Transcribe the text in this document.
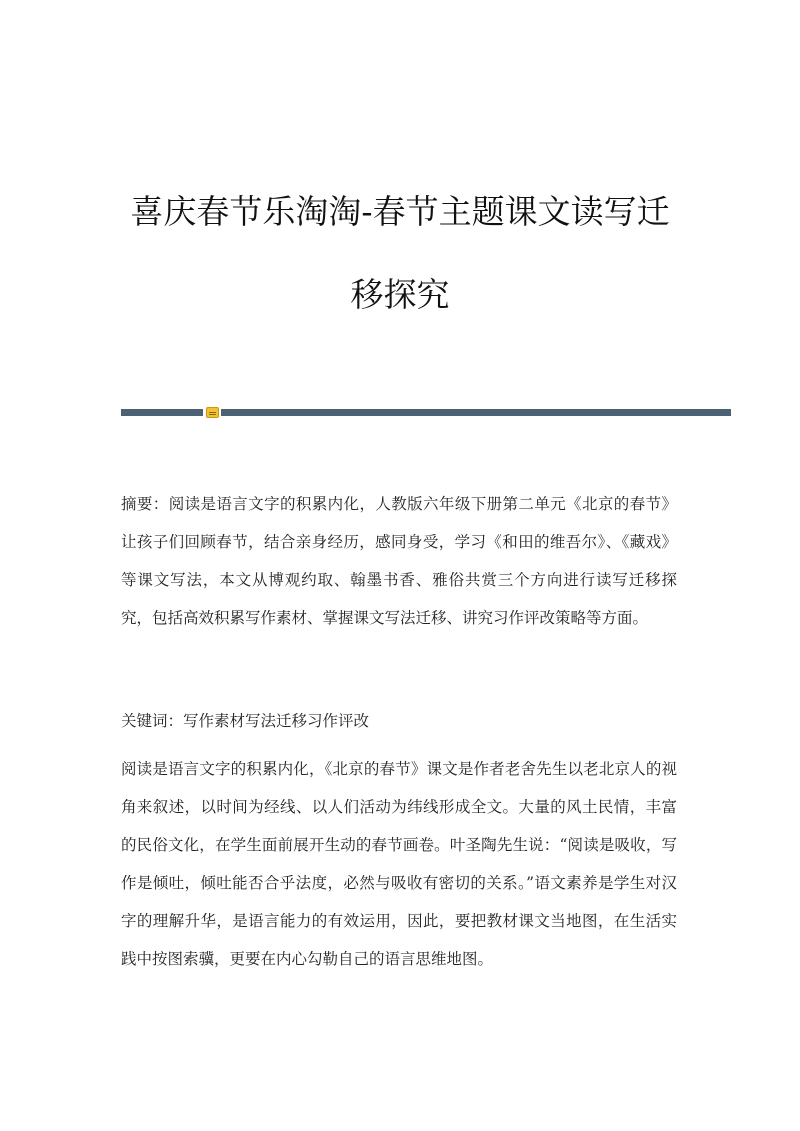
喜庆春节乐淘淘-春节主题课文读写迁
移探究

摘要：阅读是语言文字的积累内化，人教版六年级下册第二单元《北京的春节》让孩子们回顾春节，结合亲身经历，感同身受，学习《和田的维吾尔》、《藏戏》等课文写法，本文从博观约取、翰墨书香、雅俗共赏三个方向进行读写迁移探究，包括高效积累写作素材、掌握课文写法迁移、讲究习作评改策略等方面。

关键词：写作素材写法迁移习作评改

阅读是语言文字的积累内化，《北京的春节》课文是作者老舍先生以老北京人的视角来叙述，以时间为经线、以人们活动为纬线形成全文。大量的风土民情，丰富的民俗文化，在学生面前展开生动的春节画卷。叶圣陶先生说：“阅读是吸收，写作是倾吐，倾吐能否合乎法度，必然与吸收有密切的关系。”语文素养是学生对汉字的理解升华，是语言能力的有效运用，因此，要把教材课文当地图，在生活实践中按图索骥，更要在内心勾勒自己的语言思维地图。
